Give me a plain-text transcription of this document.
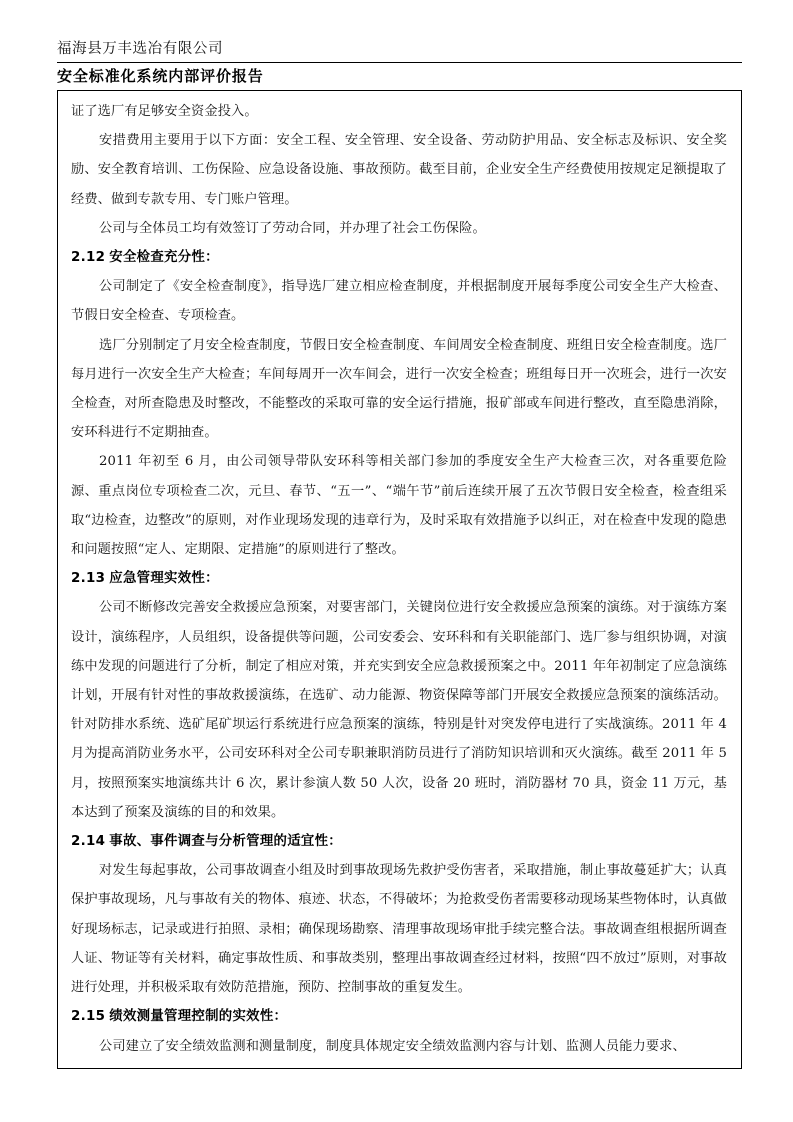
福海县万丰选冶有限公司
安全标准化系统内部评价报告

证了选厂有足够安全资金投入。

安措费用主要用于以下方面：安全工程、安全管理、安全设备、劳动防护用品、安全标志及标识、安全奖励、安全教育培训、工伤保险、应急设备设施、事故预防。截至目前，企业安全生产经费使用按规定足额提取了经费、做到专款专用、专门账户管理。

公司与全体员工均有效签订了劳动合同，并办理了社会工伤保险。

2.12 安全检查充分性：

公司制定了《安全检查制度》，指导选厂建立相应检查制度，并根据制度开展每季度公司安全生产大检查、节假日安全检查、专项检查。

选厂分别制定了月安全检查制度，节假日安全检查制度、车间周安全检查制度、班组日安全检查制度。选厂每月进行一次安全生产大检查；车间每周开一次车间会，进行一次安全检查；班组每日开一次班会，进行一次安全检查，对所查隐患及时整改，不能整改的采取可靠的安全运行措施，报矿部或车间进行整改，直至隐患消除，安环科进行不定期抽查。

2011 年初至 6 月，由公司领导带队安环科等相关部门参加的季度安全生产大检查三次，对各重要危险源、重点岗位专项检查二次，元旦、春节、“五一”、“端午节”前后连续开展了五次节假日安全检查，检查组采取“边检查，边整改”的原则，对作业现场发现的违章行为，及时采取有效措施予以纠正，对在检查中发现的隐患和问题按照“定人、定期限、定措施”的原则进行了整改。

2.13 应急管理实效性：

公司不断修改完善安全救援应急预案，对要害部门，关键岗位进行安全救援应急预案的演练。对于演练方案设计，演练程序，人员组织，设备提供等问题，公司安委会、安环科和有关职能部门、选厂参与组织协调，对演练中发现的问题进行了分析，制定了相应对策，并充实到安全应急救援预案之中。2011 年年初制定了应急演练计划，开展有针对性的事故救援演练，在选矿、动力能源、物资保障等部门开展安全救援应急预案的演练活动。针对防排水系统、选矿尾矿坝运行系统进行应急预案的演练，特别是针对突发停电进行了实战演练。2011 年 4 月为提高消防业务水平，公司安环科对全公司专职兼职消防员进行了消防知识培训和灭火演练。截至 2011 年 5 月，按照预案实地演练共计 6 次，累计参演人数 50 人次，设备 20 班时，消防器材 70 具，资金 11 万元，基本达到了预案及演练的目的和效果。

2.14 事故、事件调查与分析管理的适宜性：

对发生每起事故，公司事故调查小组及时到事故现场先救护受伤害者，采取措施，制止事故蔓延扩大；认真保护事故现场，凡与事故有关的物体、痕迹、状态，不得破坏；为抢救受伤者需要移动现场某些物体时，认真做好现场标志，记录或进行拍照、录相；确保现场勘察、清理事故现场审批手续完整合法。事故调查组根据所调查人证、物证等有关材料，确定事故性质、和事故类别，整理出事故调查经过材料，按照“四不放过”原则，对事故进行处理，并积极采取有效防范措施，预防、控制事故的重复发生。

2.15 绩效测量管理控制的实效性：

公司建立了安全绩效监测和测量制度，制度具体规定安全绩效监测内容与计划、监测人员能力要求、
